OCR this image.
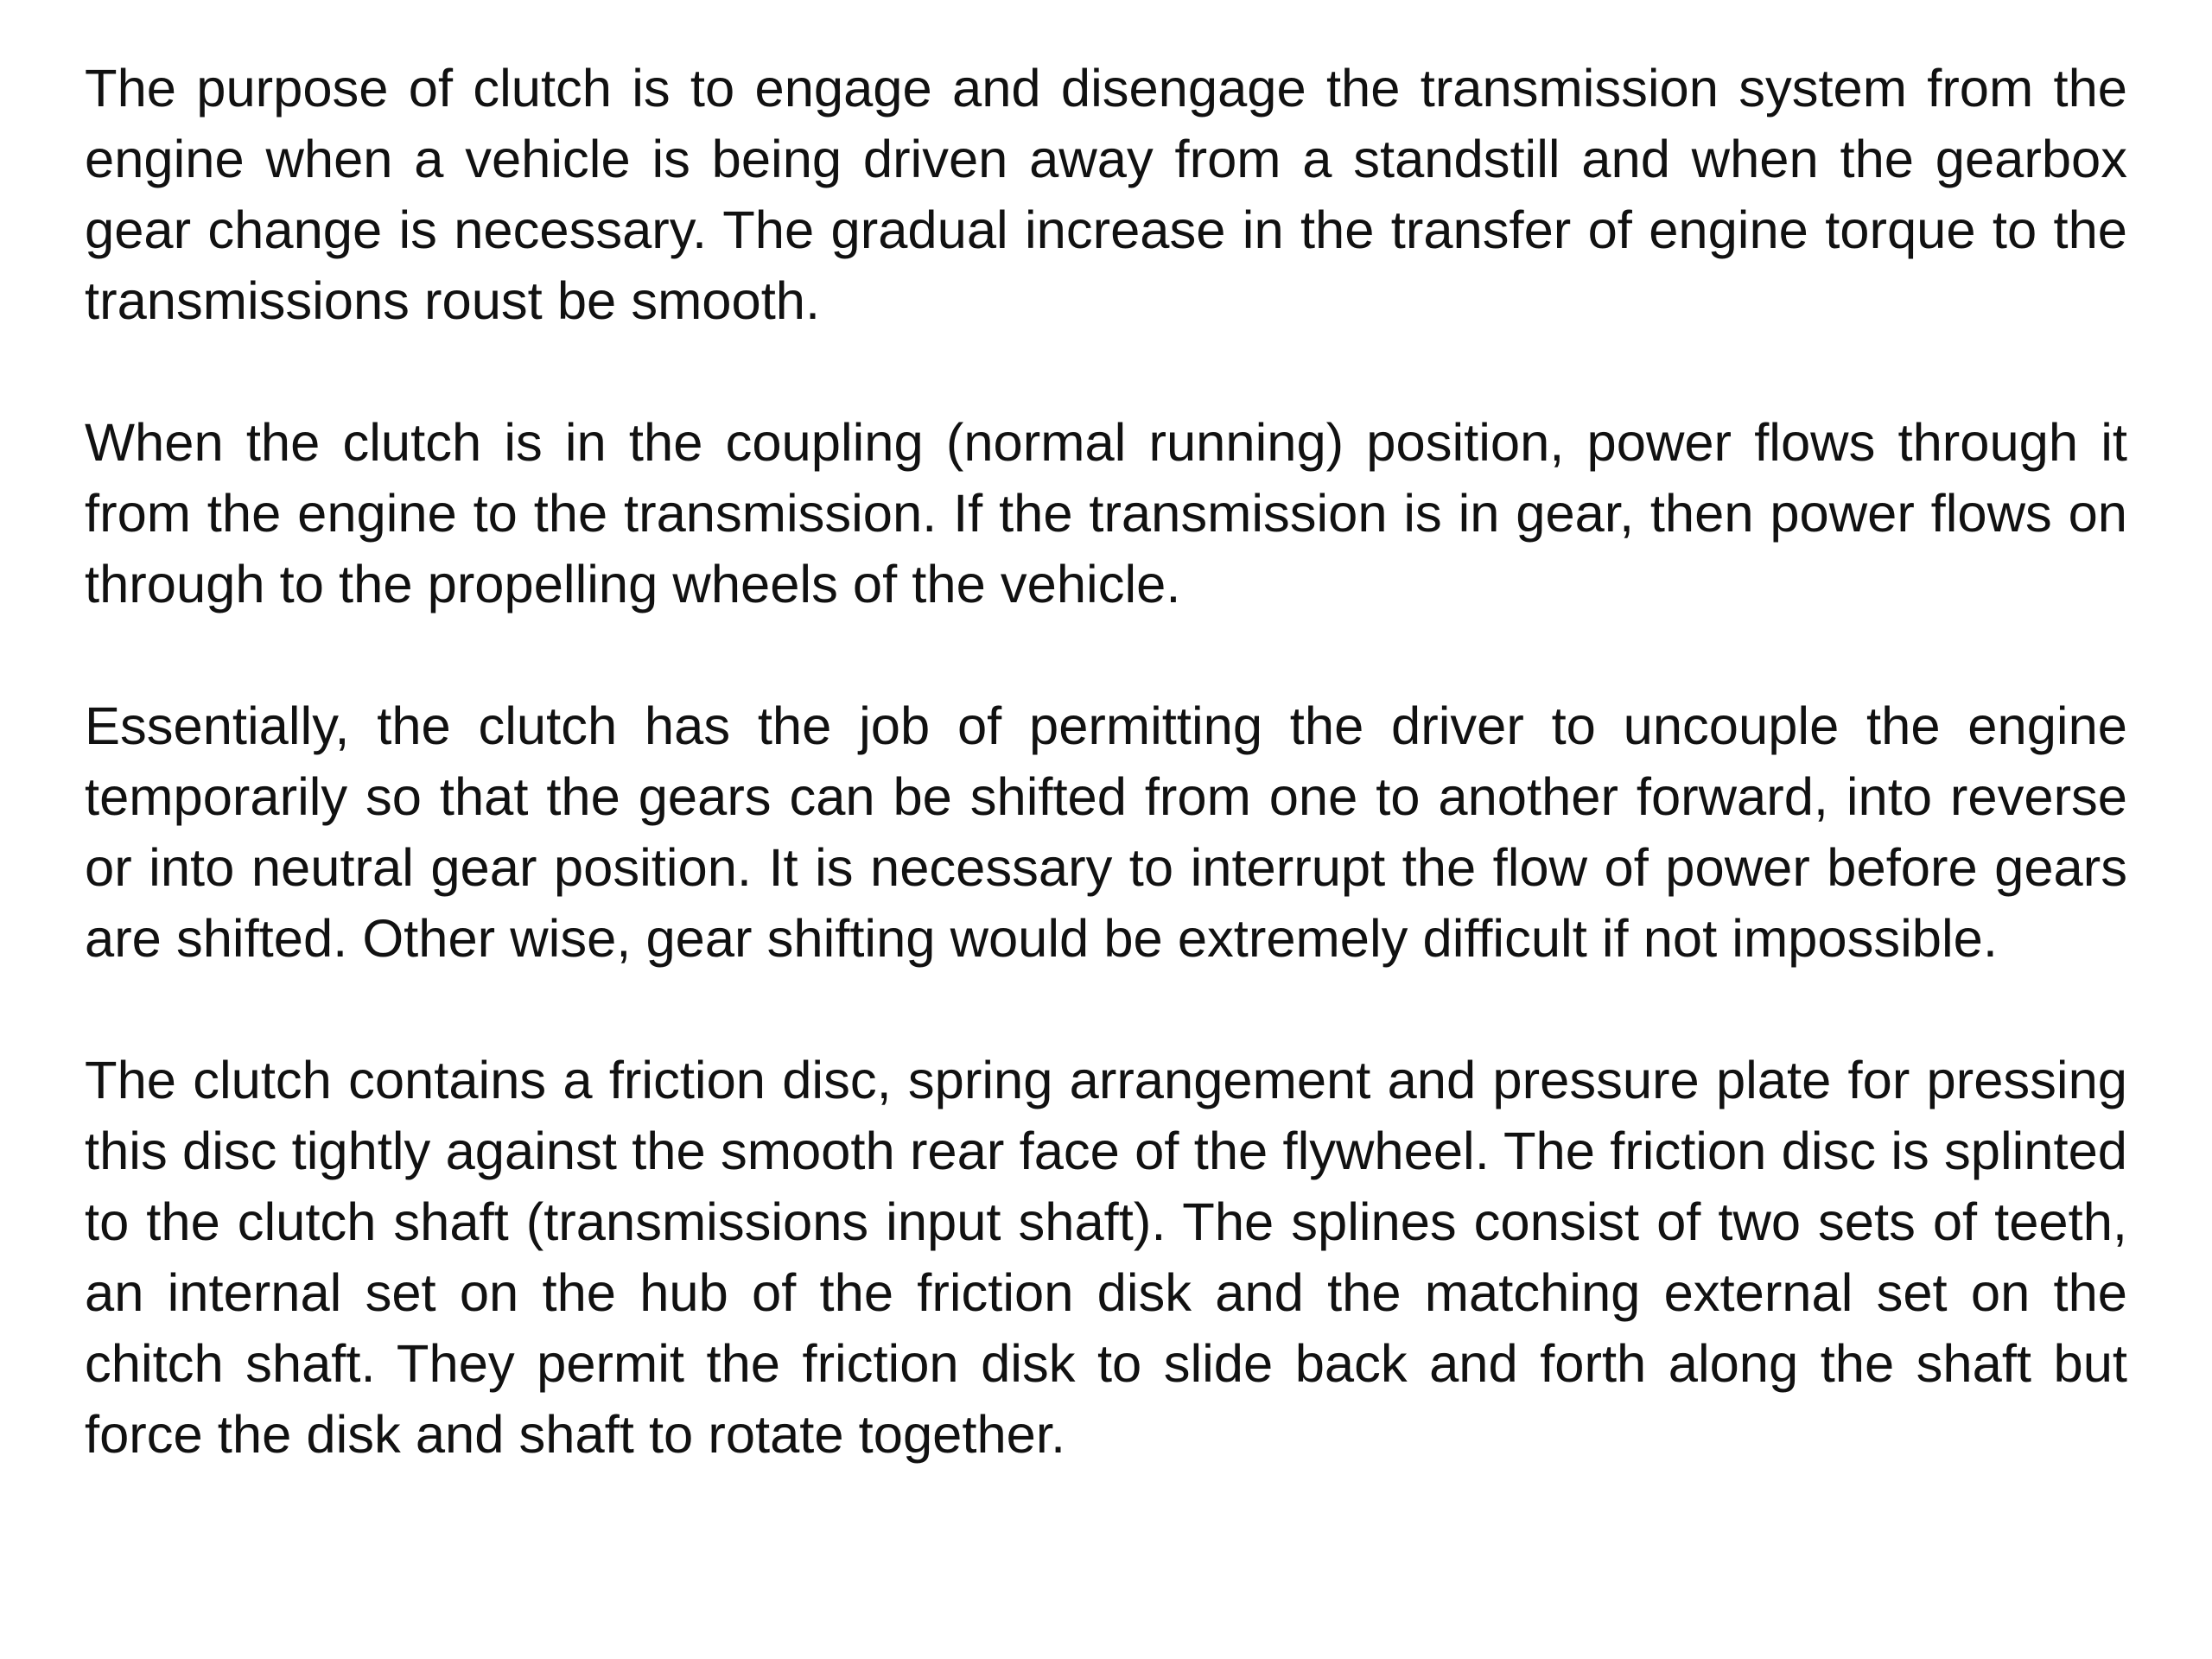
The purpose of clutch is to engage and disengage the transmission system from the engine when a vehicle is being driven away from a standstill and when the gearbox gear change is necessary. The gradual increase in the transfer of engine torque to the transmissions roust be smooth.

When the clutch is in the coupling (normal running) position, power flows through it from the engine to the transmission. If the transmission is in gear, then power flows on through to the propelling wheels of the vehicle.

Essentially, the clutch has the job of permitting the driver to uncouple the engine temporarily so that the gears can be shifted from one to another forward, into reverse or into neutral gear position. It is necessary to interrupt the flow of power before gears are shifted. Other wise, gear shifting would be extremely difficult if not impossible.

The clutch contains a friction disc, spring arrangement and pressure plate for pressing this disc tightly against the smooth rear face of the flywheel. The friction disc is splinted to the clutch shaft (transmissions input shaft). The splines consist of two sets of teeth, an internal set on the hub of the friction disk and the matching external set on the chitch shaft. They permit the friction disk to slide back and forth along the shaft but force the disk and shaft to rotate together.
